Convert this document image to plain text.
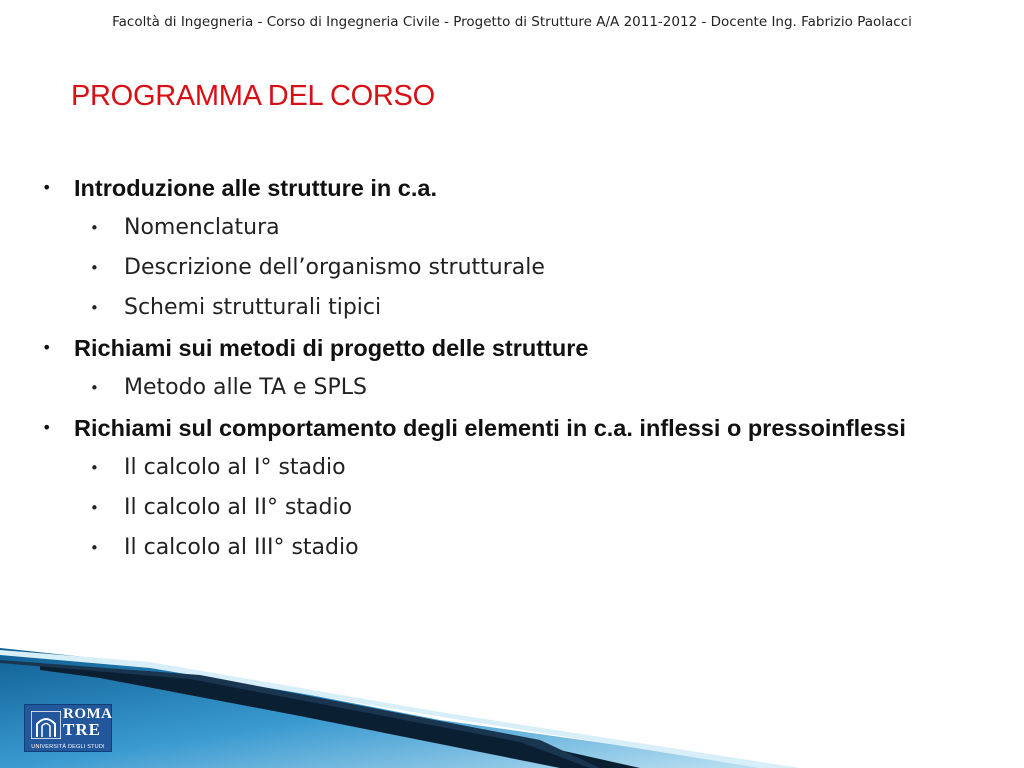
Facoltà di Ingegneria - Corso di Ingegneria Civile - Progetto di Strutture A/A 2011-2012 - Docente Ing. Fabrizio Paolacci
PROGRAMMA DEL CORSO
• Introduzione alle strutture in c.a.
• Nomenclatura
• Descrizione dell’organismo strutturale
• Schemi strutturali tipici
• Richiami sui metodi di progetto delle strutture
• Metodo alle TA e SPLS
• Richiami sul comportamento degli elementi in c.a. inflessi o pressoinflessi
• Il calcolo al I° stadio
• Il calcolo al II° stadio
• Il calcolo al III° stadio
ROMA
TRE
UNIVERSITÀ DEGLI STUDI
